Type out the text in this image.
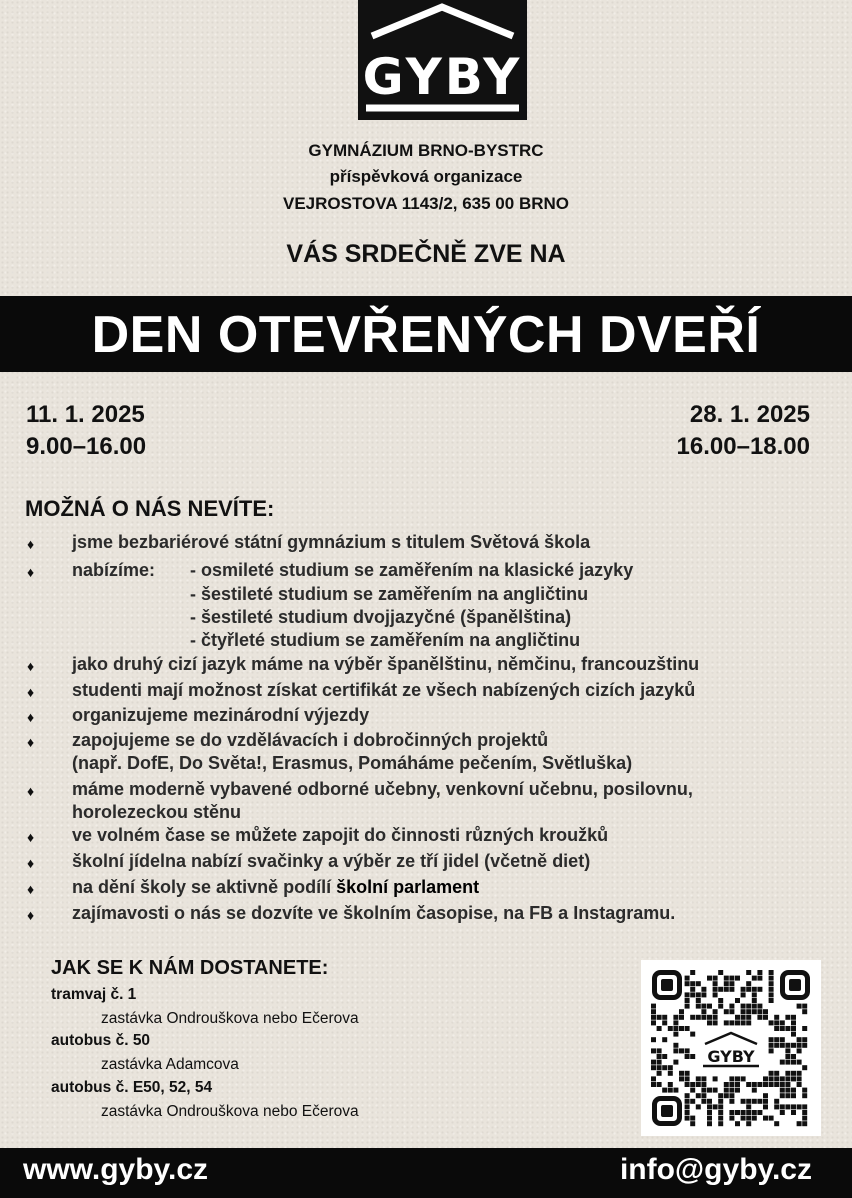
GYBY
GYMNÁZIUM BRNO-BYSTRC
příspěvková organizace
VEJROSTOVA 1143/2, 635 00 BRNO
VÁS SRDEČNĚ ZVE NA
DEN OTEVŘENÝCH DVEŘÍ
11. 1. 2025
9.00–16.00
28. 1. 2025
16.00–18.00
MOŽNÁ O NÁS NEVÍTE:
♦ jsme bezbariérové státní gymnázium s titulem Světová škola
♦ nabízíme: - osmileté studium se zaměřením na klasické jazyky
- šestileté studium se zaměřením na angličtinu
- šestileté studium dvojjazyčné (španělština)
- čtyřleté studium se zaměřením na angličtinu
♦ jako druhý cizí jazyk máme na výběr španělštinu, němčinu, francouzštinu
♦ studenti mají možnost získat certifikát ze všech nabízených cizích jazyků
♦ organizujeme mezinárodní výjezdy
♦ zapojujeme se do vzdělávacích i dobročinných projektů
(např. DofE, Do Světa!, Erasmus, Pomáháme pečením, Světluška)
♦ máme moderně vybavené odborné učebny, venkovní učebnu, posilovnu,
horolezeckou stěnu
♦ ve volném čase se můžete zapojit do činnosti různých kroužků
♦ školní jídelna nabízí svačinky a výběr ze tří jidel (včetně diet)
♦ na dění školy se aktivně podílí školní parlament
♦ zajímavosti o nás se dozvíte ve školním časopise, na FB a Instagramu.
JAK SE K NÁM DOSTANETE:
tramvaj č. 1
zastávka Ondrouškova nebo Ečerova
autobus č. 50
zastávka Adamcova
autobus č. E50, 52, 54
zastávka Ondrouškova nebo Ečerova
GYBY
www.gyby.cz	info@gyby.cz
